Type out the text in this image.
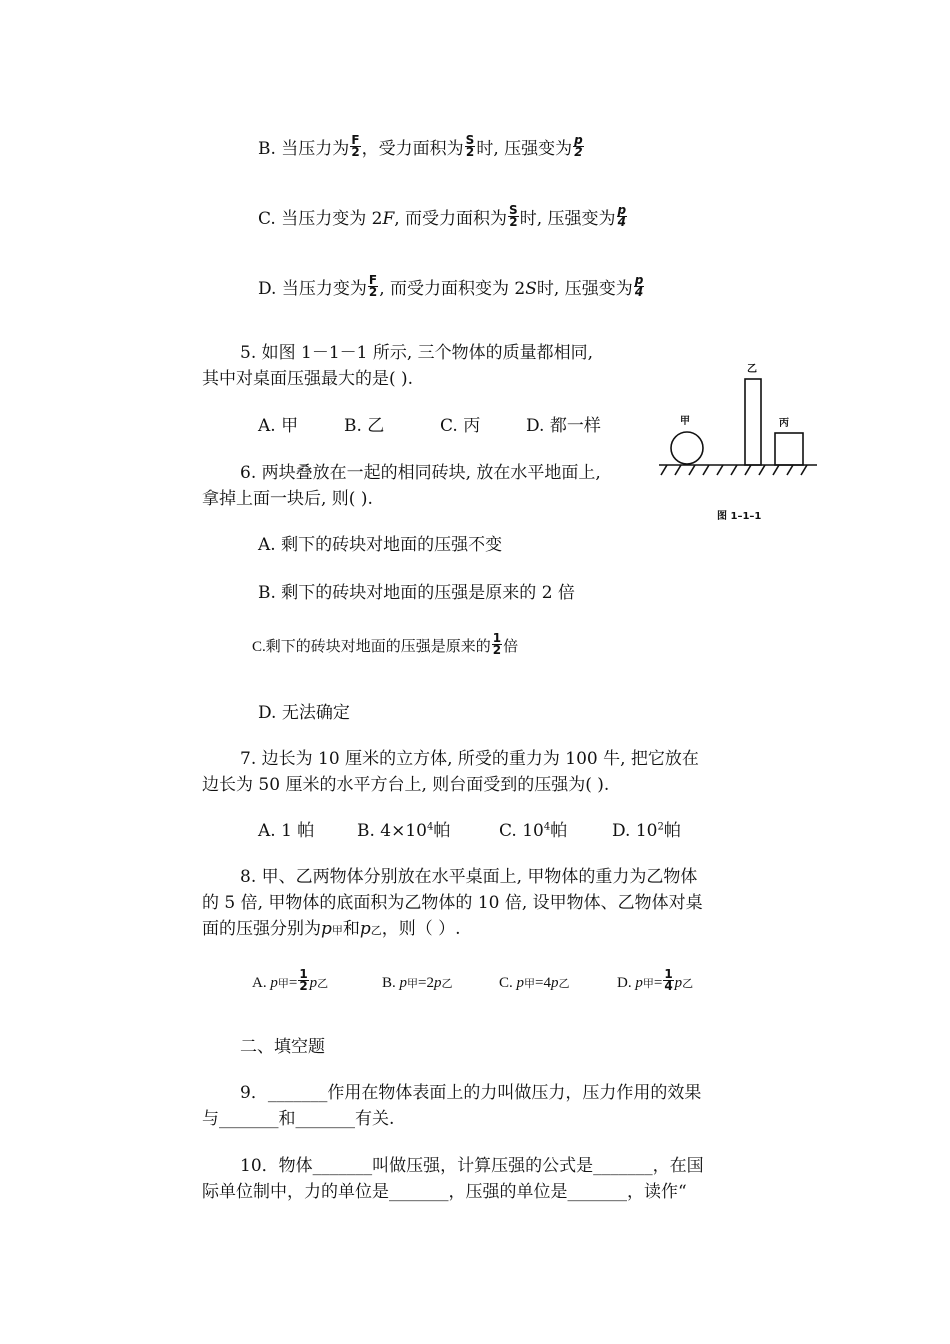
B. 当压力为 $\frac{F}{2}$ ，受力面积为 $\frac{S}{2}$ 时, 压强变为 $\frac{p}{2}$
C. 当压力变为 2F, 而受力面积为 $\frac{S}{2}$ 时, 压强变为 $\frac{p}{4}$
D. 当压力变为 $\frac{F}{2}$ , 而受力面积变为 2S时, 压强变为 $\frac{p}{4}$
5. 如图 1－1－1 所示, 三个物体的质量都相同,
其中对桌面压强最大的是( ).
A. 甲	B. 乙	C. 丙	D. 都一样	甲
乙
丙
图 1–1–1
6. 两块叠放在一起的相同砖块, 放在水平地面上,
拿掉上面一块后, 则( ).
A. 剩下的砖块对地面的压强不变
B. 剩下的砖块对地面的压强是原来的 2 倍
C.剩下的砖块对地面的压强是原来的 $\frac{1}{2}$ 倍
D. 无法确定
7. 边长为 10 厘米的立方体, 所受的重力为 100 牛, 把它放在
边长为 50 厘米的水平方台上, 则台面受到的压强为( ).
A. 1 帕	B. $4\times 10^4$帕	C. $10^4$帕	D. $10^2$帕
8. 甲、乙两物体分别放在水平桌面上, 甲物体的重力为乙物体
的 5 倍, 甲物体的底面积为乙物体的 10 倍, 设甲物体、乙物体对桌
面的压强分别为p甲和p乙，则（ ）.
A. p甲= $\frac{1}{2}$ p乙	B. p甲=2p乙	C. p甲=4p乙	D. p甲= $\frac{1}{4}$ p乙
二、填空题
9．_______作用在物体表面上的力叫做压力，压力作用的效果
与_______和_______有关.
10．物体_______叫做压强，计算压强的公式是_______，在国
际单位制中，力的单位是_______，压强的单位是_______，读作“
